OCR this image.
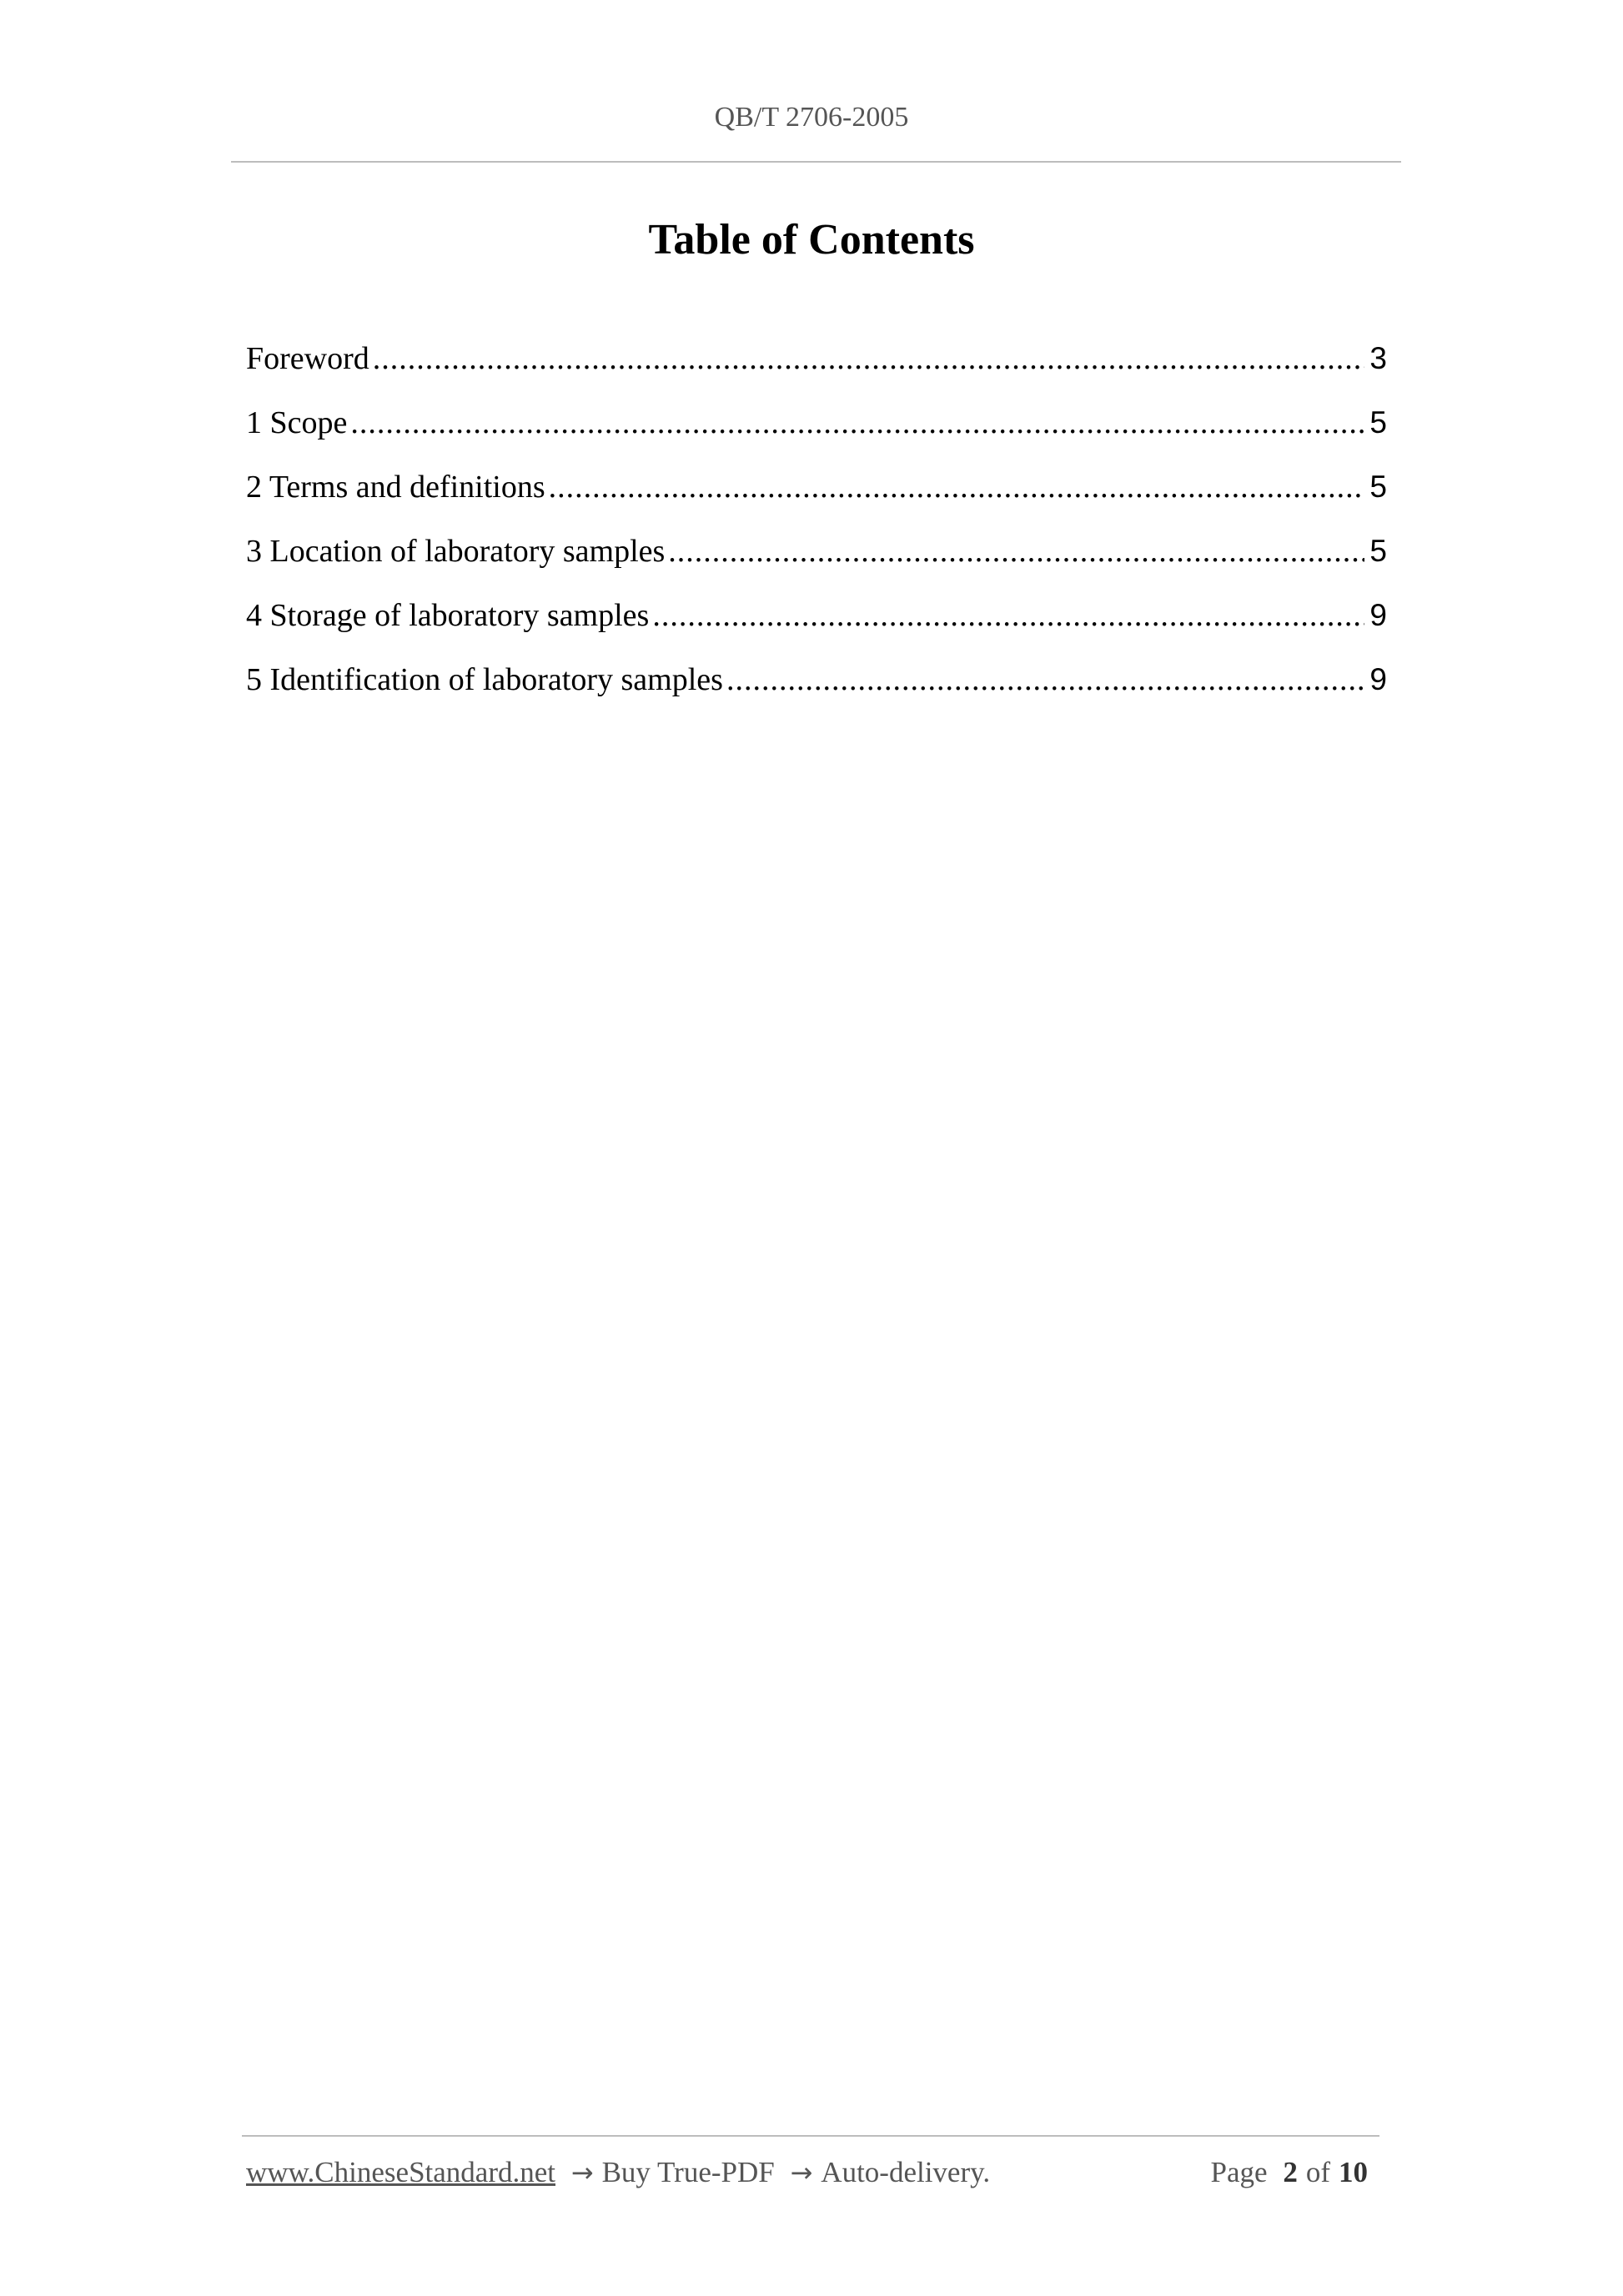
QB/T 2706-2005
Table of Contents
Foreword .....	3
1 Scope .....	5
2 Terms and definitions .....	5
3 Location of laboratory samples .....	5
4 Storage of laboratory samples .....	9
5 Identification of laboratory samples .....	9
www.ChineseStandard.net → Buy True-PDF → Auto-delivery.	Page 2 of 10
